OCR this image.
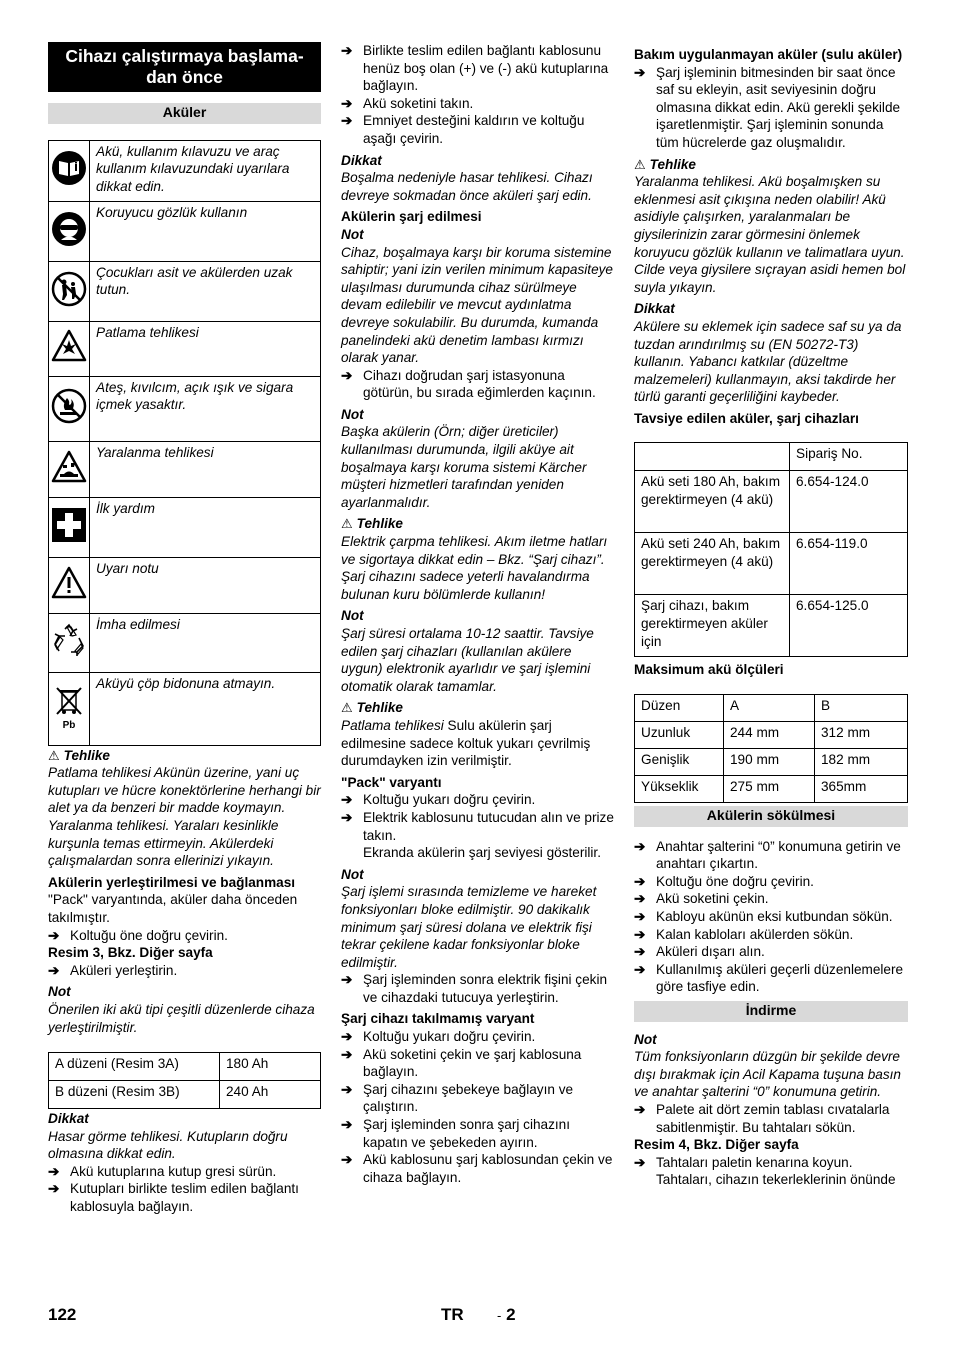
Cihazı çalıştırmaya başlama-dan önce
Aküler
	Akü, kullanım kılavuzu ve araç kullanım kılavuzundaki uyarılara dikkat edin.
	Koruyucu gözlük kullanın
	Çocukları asit ve akülerden uzak tutun.
	Patlama tehlikesi
	Ateş, kıvılcım, açık ışık ve sigara içmek yasaktır.
	Yaralanma tehlikesi
	İlk yardım
	Uyarı notu
	İmha edilmesi

Pb	Aküyü çöp bidonuna atmayın.

⚠ Tehlike

Patlama tehlikesi Akünün üzerine, yani uç kutupları ve hücre konektörlerine herhangi bir alet ya da benzeri bir madde koymayın. Yaralanma tehlikesi. Yaraları kesinlikle kurşunla temas ettirmeyin. Akülerdeki çalışmalardan sonra ellerinizi yıkayın.

Akülerin yerleştirilmesi ve bağlanması

"Pack" varyantında, aküler daha önceden takılmıştır.

➔ Koltuğu öne doğru çevirin.

Resim 3, Bkz. Diğer sayfa

➔ Aküleri yerleştirin.

Not

Önerilen iki akü tipi çeşitli düzenlerde cihaza yerleştirilmiştir.

A düzeni (Resim 3A)	180 Ah
B düzeni (Resim 3B)	240 Ah

Dikkat

Hasar görme tehlikesi. Kutupların doğru olmasına dikkat edin.

➔ Akü kutuplarına kutup gresi sürün.

➔ Kutupları birlikte teslim edilen bağlantı kablosuyla bağlayın.

➔ Birlikte teslim edilen bağlantı kablosunu henüz boş olan (+) ve (-) akü kutuplarına bağlayın.

➔ Akü soketini takın.

➔ Emniyet desteğini kaldırın ve koltuğu aşağı çevirin.

Dikkat

Boşalma nedeniyle hasar tehlikesi. Cihazı devreye sokmadan önce aküleri şarj edin.

Akülerin şarj edilmesi

Not

Cihaz, boşalmaya karşı bir koruma sistemine sahiptir; yani izin verilen minimum kapasiteye ulaşılması durumunda cihaz sürülmeye devam edilebilir ve mevcut aydınlatma devreye sokulabilir. Bu durumda, kumanda panelindeki akü denetim lambası kırmızı olarak yanar.

➔ Cihazı doğrudan şarj istasyonuna götürün, bu sırada eğimlerden kaçının.

Not

Başka akülerin (Örn; diğer üreticiler) kullanılması durumunda, ilgili aküye ait boşalmaya karşı koruma sistemi Kärcher müşteri hizmetleri tarafından yeniden ayarlanmalıdır.

⚠ Tehlike

Elektrik çarpma tehlikesi. Akım iletme hatları ve sigortaya dikkat edin – Bkz. “Şarj cihazı”. Şarj cihazını sadece yeterli havalandırma bulunan kuru bölümlerde kullanın!

Not

Şarj süresi ortalama 10-12 saattir. Tavsiye edilen şarj cihazları (kullanılan akülere uygun) elektronik ayarlıdır ve şarj işlemini otomatik olarak tamamlar.

⚠ Tehlike

Patlama tehlikesi Sulu akülerin şarj edilmesine sadece koltuk yukarı çevrilmiş durumdayken izin verilmiştir.

"Pack" varyantı

➔ Koltuğu yukarı doğru çevirin.

➔ Elektrik kablosunu tutucudan alın ve prize takın.

Ekranda akülerin şarj seviyesi gösterilir.

Not

Şarj işlemi sırasında temizleme ve hareket fonksiyonları bloke edilmiştir. 90 dakikalık minimum şarj süresi dolana ve elektrik fişi tekrar çekilene kadar fonksiyonlar bloke edilmiştir.

➔ Şarj işleminden sonra elektrik fişini çekin ve cihazdaki tutucuya yerleştirin.

Şarj cihazı takılmamış varyant

➔ Koltuğu yukarı doğru çevirin.

➔ Akü soketini çekin ve şarj kablosuna bağlayın.

➔ Şarj cihazını şebekeye bağlayın ve çalıştırın.

➔ Şarj işleminden sonra şarj cihazını kapatın ve şebekeden ayırın.

➔ Akü kablosunu şarj kablosundan çekin ve cihaza bağlayın.

Bakım uygulanmayan aküler (sulu aküler)

➔ Şarj işleminin bitmesinden bir saat önce saf su ekleyin, asit seviyesinin doğru olmasına dikkat edin. Akü gerekli şekilde işaretlenmiştir. Şarj işleminin sonunda tüm hücrelerde gaz oluşmalıdır.

⚠ Tehlike

Yaralanma tehlikesi. Akü boşalmışken su eklenmesi asit çıkışına neden olabilir! Akü asidiyle çalışırken, yaralanmaları be giysilerinizin zarar görmesini önlemek koruyucu gözlük kullanın ve talimatlara uyun. Cilde veya giysilere sıçrayan asidi hemen bol suyla yıkayın.

Dikkat

Akülere su eklemek için sadece saf su ya da tuzdan arındırılmış su (EN 50272-T3) kullanın. Yabancı katkılar (düzeltme malzemeleri) kullanmayın, aksi takdirde her türlü garanti geçerliliğini kaybeder.

Tavsiye edilen aküler, şarj cihazları

	Sipariş No.
Akü seti 180 Ah, bakım gerektirmeyen (4 akü)	6.654-124.0
Akü seti 240 Ah, bakım gerektirmeyen (4 akü)	6.654-119.0
Şarj cihazı, bakım gerektirmeyen aküler için	6.654-125.0

Maksimum akü ölçüleri

Düzen	A	B
Uzunluk	244 mm	312 mm
Genişlik	190 mm	182 mm
Yükseklik	275 mm	365mm
Akülerin sökülmesi

➔ Anahtar şalterini “0” konumuna getirin ve anahtarı çıkartın.

➔ Koltuğu öne doğru çevirin.

➔ Akü soketini çekin.

➔ Kabloyu akünün eksi kutbundan sökün.

➔ Kalan kabloları akülerden sökün.

➔ Aküleri dışarı alın.

➔ Kullanılmış aküleri geçerli düzenlemelere göre tasfiye edin.

İndirme

Not

Tüm fonksiyonların düzgün bir şekilde devre dışı bırakmak için Acil Kapama tuşuna basın ve anahtar şalterini “0” konumuna getirin.

➔ Palete ait dört zemin tablası cıvatalarla sabitlenmiştir. Bu tahtaları sökün.

Resim 4, Bkz. Diğer sayfa

➔ Tahtaları paletin kenarına koyun. Tahtaları, cihazın tekerleklerinin önünde

122	TR	- 2
